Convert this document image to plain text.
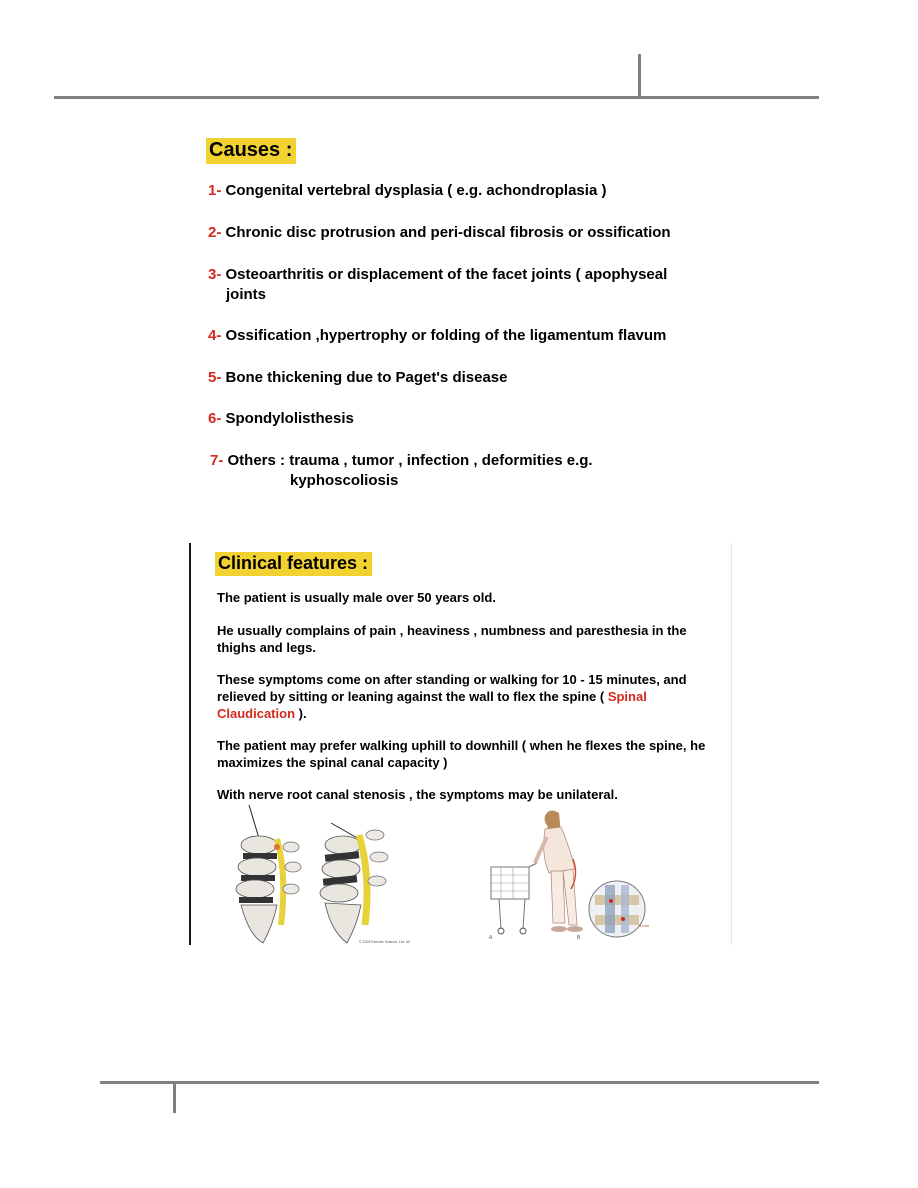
Causes :
1- Congenital vertebral dysplasia ( e.g. achondroplasia )
2- Chronic disc protrusion and peri-discal fibrosis or ossification
3- Osteoarthritis or displacement of the facet joints ( apophyseal
joints
4- Ossification ,hypertrophy or folding of the ligamentum flavum
5- Bone thickening due to Paget's disease
6- Spondylolisthesis
7- Others : trauma , tumor , infection , deformities e.g.
kyphoscoliosis
Clinical features :
The patient is usually male over 50 years old.
He usually complains of pain , heaviness , numbness and paresthesia in the thighs and legs.
These symptoms come on after standing or walking for 10 - 15 minutes, and relieved by sitting or leaning against the wall to flex the spine ( Spinal Claudication ).
The patient may prefer walking uphill to downhill ( when he flexes the spine, he maximizes the spinal canal capacity )
With nerve root canal stenosis , the symptoms may be unilateral.
© 2003 Elsevier Science. Ltd. All
A	B
5 mm
